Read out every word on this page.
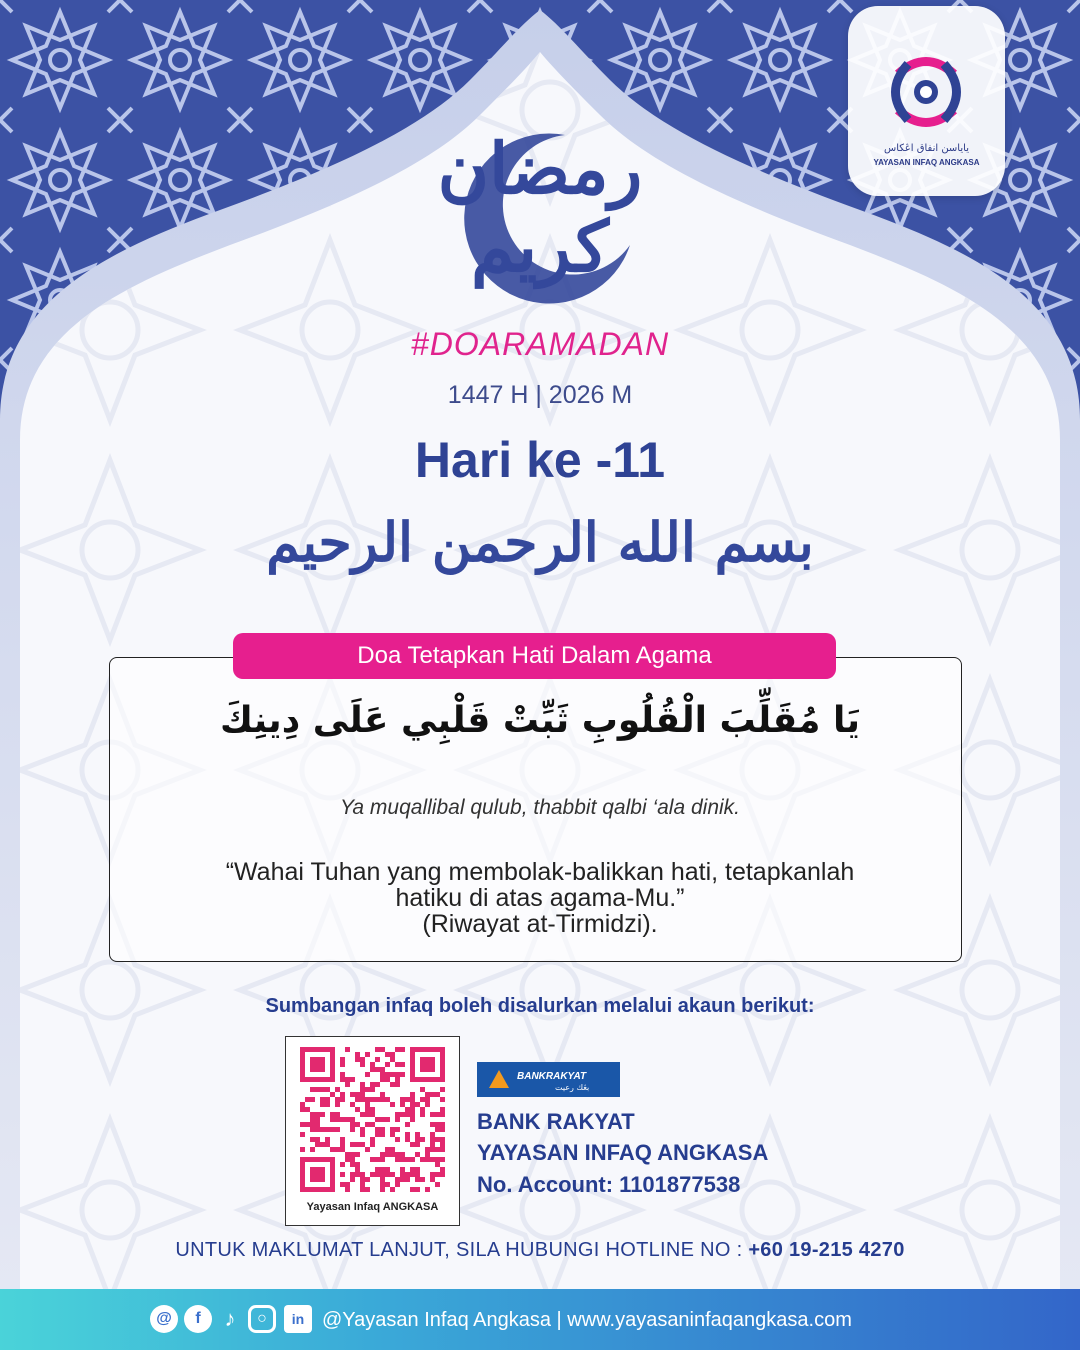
ياياسن انفاق اڠكاس
YAYASAN INFAQ ANGKASA
رمضان كريم
#DOARAMADAN
1447 H | 2026 M
Hari ke -11
بسم الله الرحمن الرحيم
Doa Tetapkan Hati Dalam Agama
يَا مُقَلِّبَ الْقُلُوبِ ثَبِّتْ قَلْبِي عَلَى دِينِكَ
Ya muqallibal qulub, thabbit qalbi ‘ala dinik.
“Wahai Tuhan yang membolak-balikkan hati, tetapkanlah
hatiku di atas agama-Mu.”
(Riwayat at-Tirmidzi).
Sumbangan infaq boleh disalurkan melalui akaun berikut:
Yayasan Infaq ANGKASA
BANKRAKYAT
بڠك رعيت
BANK RAKYAT
YAYASAN INFAQ ANGKASA
No. Account: 1101877538
UNTUK MAKLUMAT LANJUT, SILA HUBUNGI HOTLINE NO : +60 19-215 4270
@	f	♪	○	in @Yayasan Infaq Angkasa | www.yayasaninfaqangkasa.com
